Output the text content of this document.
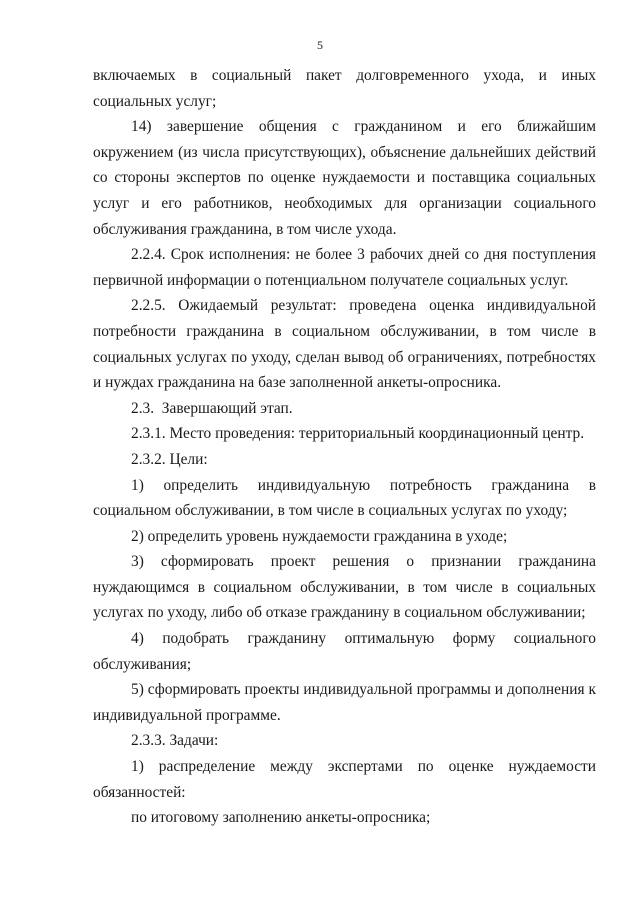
5

включаемых в социальный пакет долговременного ухода, и иных социальных услуг;

14) завершение общения с гражданином и его ближайшим окружением (из числа присутствующих), объяснение дальнейших действий со стороны экспертов по оценке нуждаемости и поставщика социальных услуг и его работников, необходимых для организации социального обслуживания гражданина, в том числе ухода.

2.2.4. Срок исполнения: не более 3 рабочих дней со дня поступления первичной информации о потенциальном получателе социальных услуг.

2.2.5. Ожидаемый результат: проведена оценка индивидуальной потребности гражданина в социальном обслуживании, в том числе в социальных услугах по уходу, сделан вывод об ограничениях, потребностях и нуждах гражданина на базе заполненной анкеты-опросника.

2.3.  Завершающий этап.

2.3.1. Место проведения: территориальный координационный центр.

2.3.2. Цели:

1) определить индивидуальную потребность гражданина в социальном обслуживании, в том числе в социальных услугах по уходу;

2) определить уровень нуждаемости гражданина в уходе;

3) сформировать проект решения о признании гражданина нуждающимся в социальном обслуживании, в том числе в социальных услугах по уходу, либо об отказе гражданину в социальном обслуживании;

4) подобрать гражданину оптимальную форму социального обслуживания;

5) сформировать проекты индивидуальной программы и дополнения к индивидуальной программе.

2.3.3. Задачи:

1) распределение между экспертами по оценке нуждаемости обязанностей:

по итоговому заполнению анкеты-опросника;
